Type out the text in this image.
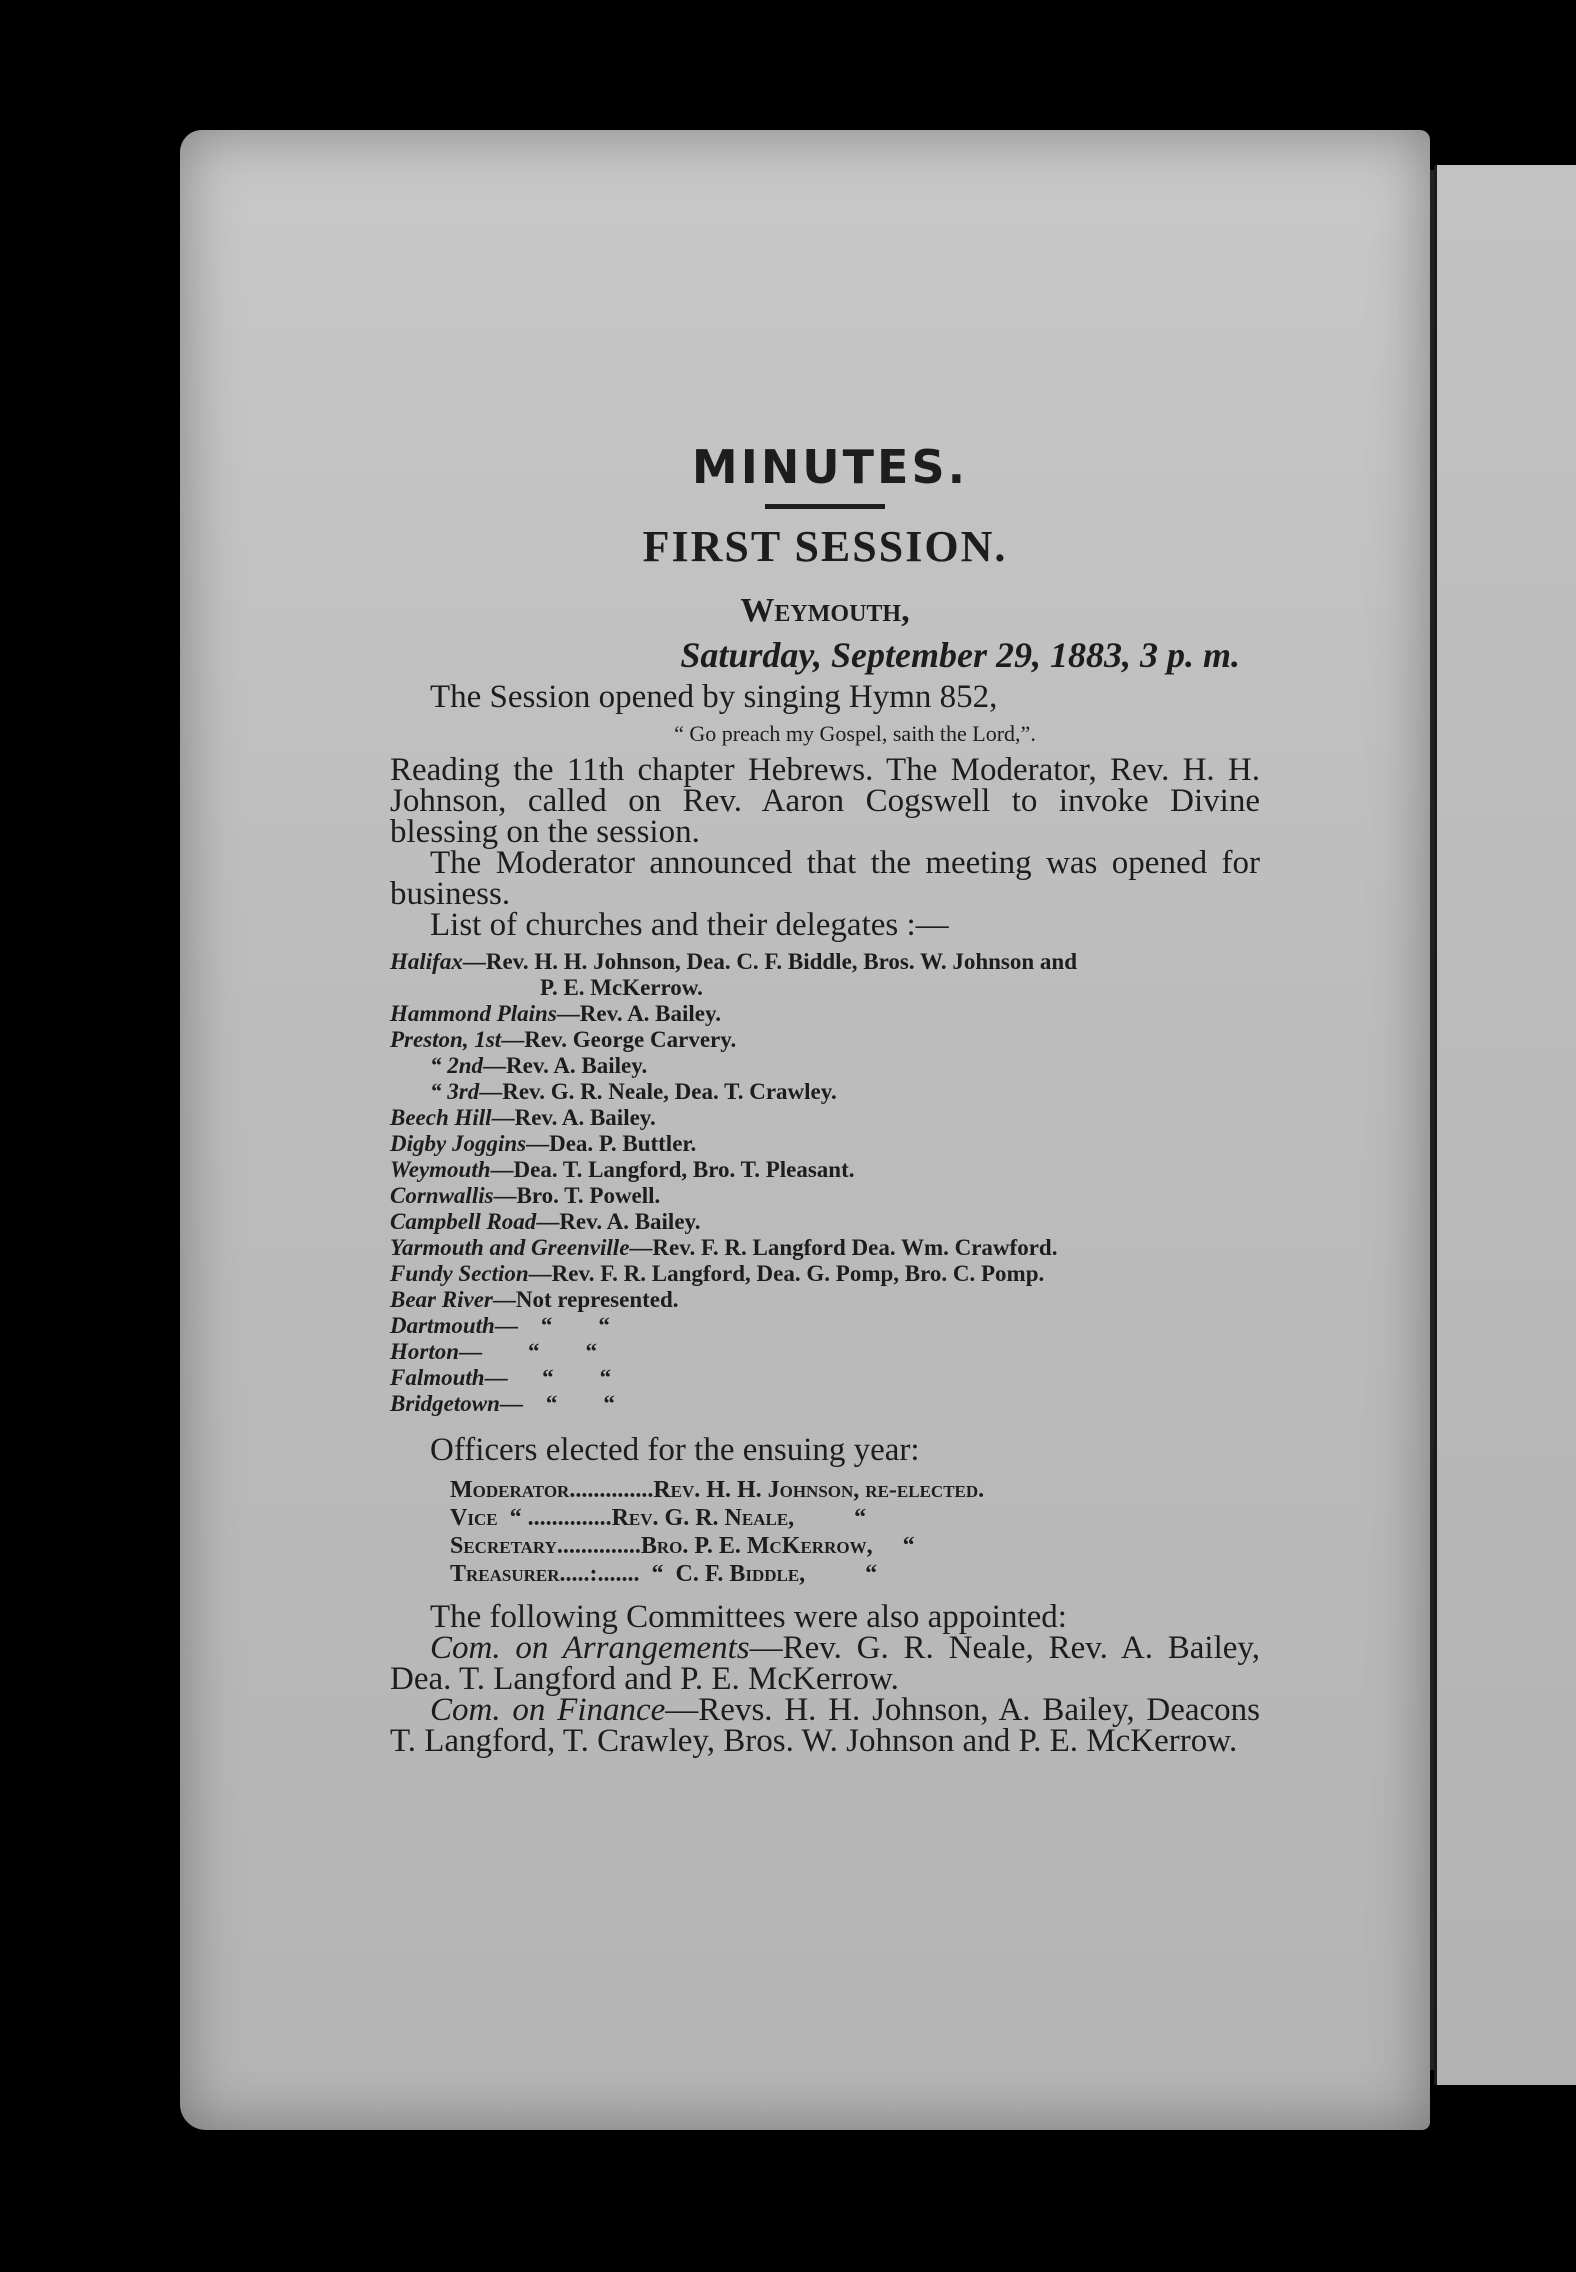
MINUTES.
FIRST SESSION.
Weymouth,
Saturday, September 29, 1883, 3 p. m.

The Session opened by singing Hymn 852,

“ Go preach my Gospel, saith the Lord,”.

Reading the 11th chapter Hebrews. The Moderator, Rev. H. H. Johnson, called on Rev. Aaron Cogswell to invoke Divine blessing on the session.

The Moderator announced that the meeting was opened for business.

List of churches and their delegates :—

Halifax—Rev. H. H. Johnson, Dea. C. F. Biddle, Bros. W. Johnson and
P. E. McKerrow.
Hammond Plains—Rev. A. Bailey.
Preston, 1st—Rev. George Carvery.
“ 2nd—Rev. A. Bailey.
“ 3rd—Rev. G. R. Neale, Dea. T. Crawley.
Beech Hill—Rev. A. Bailey.
Digby Joggins—Dea. P. Buttler.
Weymouth—Dea. T. Langford, Bro. T. Pleasant.
Cornwallis—Bro. T. Powell.
Campbell Road—Rev. A. Bailey.
Yarmouth and Greenville—Rev. F. R. Langford Dea. Wm. Crawford.
Fundy Section—Rev. F. R. Langford, Dea. G. Pomp, Bro. C. Pomp.
Bear River—Not represented.
Dartmouth—    “        “
Horton—        “        “
Falmouth—      “        “
Bridgetown—    “        “

Officers elected for the ensuing year:

Moderator..............Rev. H. H. Johnson, re-elected.
Vice  “ ..............Rev. G. R. Neale,          “
Secretary..............Bro. P. E. McKerrow,     “
Treasurer.....:.......  “  C. F. Biddle,          “

The following Committees were also appointed:

Com. on Arrangements—Rev. G. R. Neale, Rev. A. Bailey, Dea. T. Langford and P. E. McKerrow.

Com. on Finance—Revs. H. H. Johnson, A. Bailey, Deacons T. Langford, T. Crawley, Bros. W. Johnson and P. E. McKerrow.
